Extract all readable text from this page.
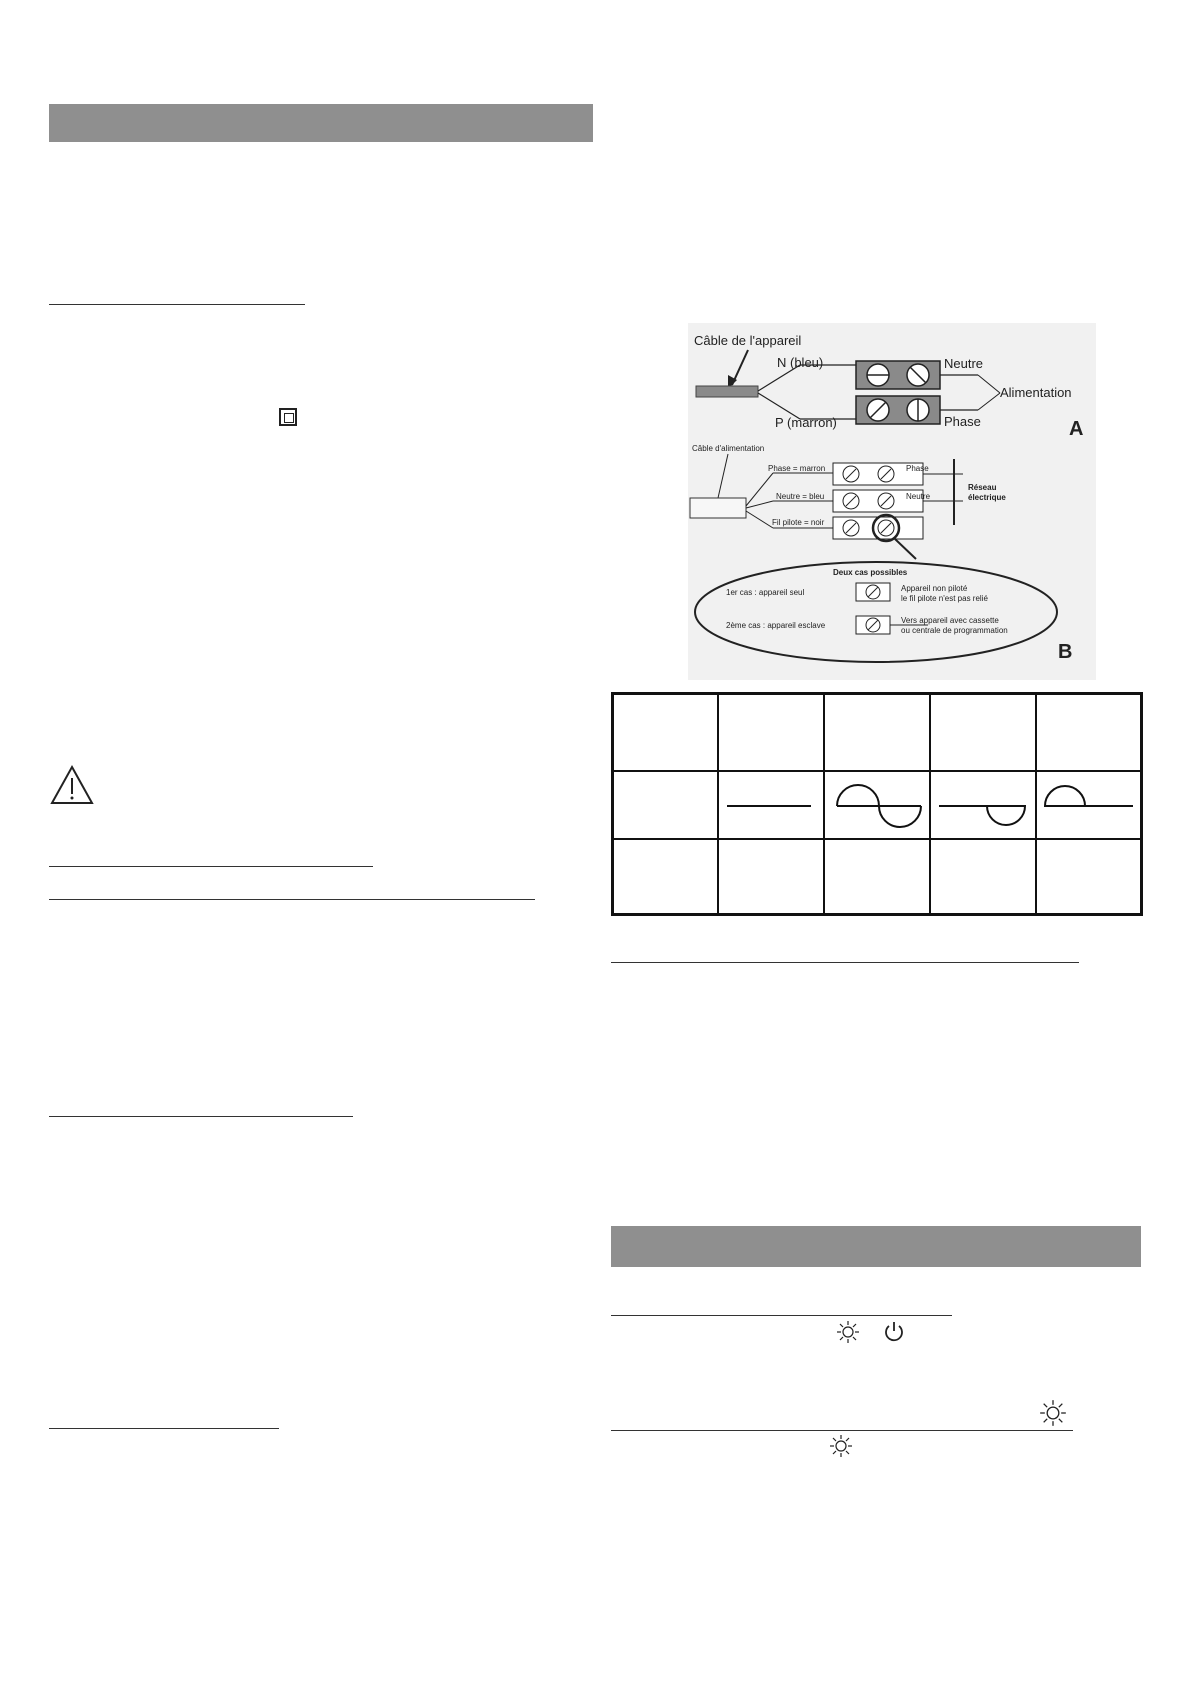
Câble de l'appareil
N (bleu)
P (marron)
Neutre
Phase
Alimentation
A
Câble d'alimentation
Phase = marron
Neutre = bleu
Fil pilote = noir
Phase
Neutre
Réseau
électrique
Deux cas possibles
1er cas : appareil seul	Appareil non piloté
le fil pilote n'est pas relié
2ème cas : appareil esclave
Vers appareil avec cassette
ou centrale de programmation
B
